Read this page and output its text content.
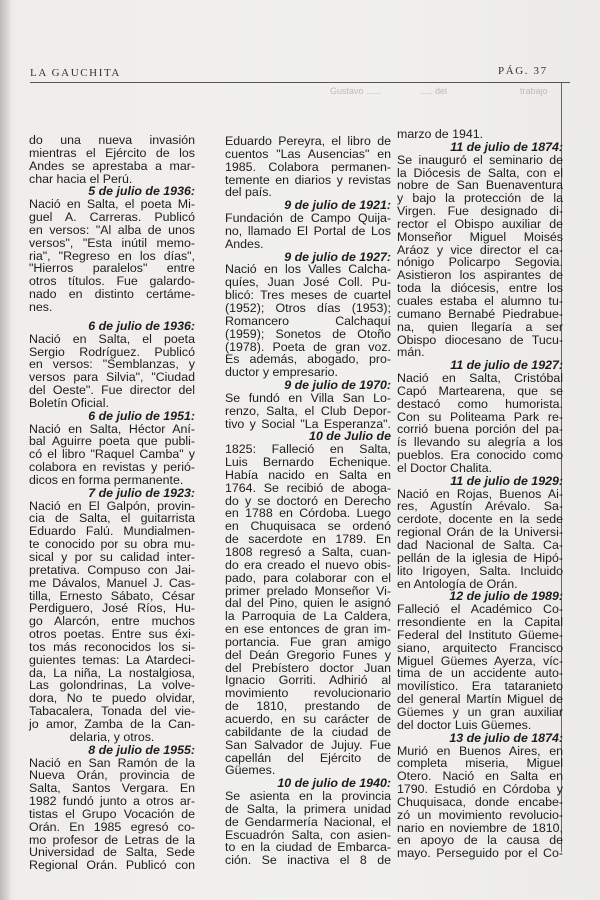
LA GAUCHITA	PÁG. 37
Gustavo ......	..... del	trabajo
do una nueva invasión
mientras el Ejército de los
Andes se aprestaba a mar-
char hacia el Perú.
5 de julio de 1936:
Nació en Salta, el poeta Mi-
guel A. Carreras. Publicó
en versos: "Al alba de unos
versos", "Esta inútil memo-
ria", "Regreso en los días",
"Hierros paralelos" entre
otros títulos. Fue galardo-
nado en distinto certáme-
nes.
6 de julio de 1936:
Nació en Salta, el poeta
Sergio Rodríguez. Publicó
en versos: "Semblanzas, y
versos para Silvia", "Ciudad
del Oeste". Fue director del
Boletín Oficial.
6 de julio de 1951:
Nació en Salta, Héctor Aní-
bal Aguirre poeta que publi-
có el libro "Raquel Camba" y
colabora en revistas y perió-
dicos en forma permanente.
7 de julio de 1923:
Nació en El Galpón, provin-
cia de Salta, el guitarrista
Eduardo Falú. Mundialmen-
te conocido por su obra mu-
sical y por su calidad inter-
pretativa. Compuso con Jai-
me Dávalos, Manuel J. Cas-
tilla, Ernesto Sábato, César
Perdiguero, José Ríos, Hu-
go Alarcón, entre muchos
otros poetas. Entre sus éxi-
tos más reconocidos los si-
guientes temas: La Atardeci-
da, La niña, La nostalgiosa,
Las golondrinas, La volve-
dora, No te puedo olvidar,
Tabacalera, Tonada del vie-
jo amor, Zamba de la Can-
delaria, y otros.
8 de julio de 1955:
Nació en San Ramón de la
Nueva Orán, provincia de
Salta, Santos Vergara. En
1982 fundó junto a otros ar-
tistas el Grupo Vocación de
Orán. En 1985 egresó co-
mo profesor de Letras de la
Universidad de Salta, Sede
Regional Orán. Publicó con
Eduardo Pereyra, el libro de
cuentos "Las Ausencias" en
1985. Colabora permanen-
temente en diarios y revistas
del país.
9 de julio de 1921:
Fundación de Campo Quija-
no, llamado El Portal de Los
Andes.
9 de julio de 1927:
Nació en los Valles Calcha-
quíes, Juan José Coll. Pu-
blicó: Tres meses de cuartel
(1952); Otros días (1953);
Romancero Calchaquí
(1959); Sonetos de Otoño
(1978). Poeta de gran voz.
Es además, abogado, pro-
ductor y empresario.
9 de julio de 1970:
Se fundó en Villa San Lo-
renzo, Salta, el Club Depor-
tivo y Social "La Esperanza".
10 de Julio de
1825: Falleció en Salta,
Luis Bernardo Echenique.
Había nacido en Salta en
1764. Se recibió de aboga-
do y se doctoró en Derecho
en 1788 en Córdoba. Luego
en Chuquisaca se ordenó
de sacerdote en 1789. En
1808 regresó a Salta, cuan-
do era creado el nuevo obis-
pado, para colaborar con el
primer prelado Monseñor Vi-
dal del Pino, quien le asignó
la Parroquia de La Caldera,
en ese entonces de gran im-
portancia. Fue gran amigo
del Deán Gregorio Funes y
del Prebístero doctor Juan
Ignacio Gorriti. Adhirió al
movimiento revolucionario
de 1810, prestando de
acuerdo, en su carácter de
cabildante de la ciudad de
San Salvador de Jujuy. Fue
capellán del Ejército de
Güemes.
10 de julio de 1940:
Se asienta en la provincia
de Salta, la primera unidad
de Gendarmería Nacional, el
Escuadrón Salta, con asien-
to en la ciudad de Embarca-
ción. Se inactiva el 8 de
marzo de 1941.
11 de julio de 1874:
Se inauguró el seminario de
la Diócesis de Salta, con el
nobre de San Buenaventura
y bajo la protección de la
Virgen. Fue designado di-
rector el Obispo auxiliar de
Monseñor Miguel Moisés
Aráoz y vice director el ca-
nónigo Policarpo Segovia.
Asistieron los aspirantes de
toda la diócesis, entre los
cuales estaba el alumno tu-
cumano Bernabé Piedrabue-
na, quien llegaría a ser
Obispo diocesano de Tucu-
mán.
11 de julio de 1927:
Nació en Salta, Cristóbal
Capó Martearena, que se
destacó como humorista.
Con su Politeama Park re-
corrió buena porción del pa-
ís llevando su alegría a los
pueblos. Era conocido como
el Doctor Chalita.
11 de julio de 1929:
Nació en Rojas, Buenos Ai-
res, Agustín Arévalo. Sa-
cerdote, docente en la sede
regional Orán de la Universi-
dad Nacional de Salta. Ca-
pellán de la iglesia de Hipó-
lito Irigoyen, Salta. Incluido
en Antología de Orán.
12 de julio de 1989:
Falleció el Académico Co-
rresondiente en la Capital
Federal del Instituto Güeme-
siano, arquitecto Francisco
Miguel Güemes Ayerza, víc-
tima de un accidente auto-
movilístico. Era tataranieto
del general Martín Miguel de
Güemes y un gran auxiliar
del doctor Luis Güemes.
13 de julio de 1874:
Murió en Buenos Aires, en
completa miseria, Miguel
Otero. Nació en Salta en
1790. Estudió en Córdoba y
Chuquisaca, donde encabe-
zó un movimiento revolucio-
nario en noviembre de 1810,
en apoyo de la causa de
mayo. Perseguido por el Co-
